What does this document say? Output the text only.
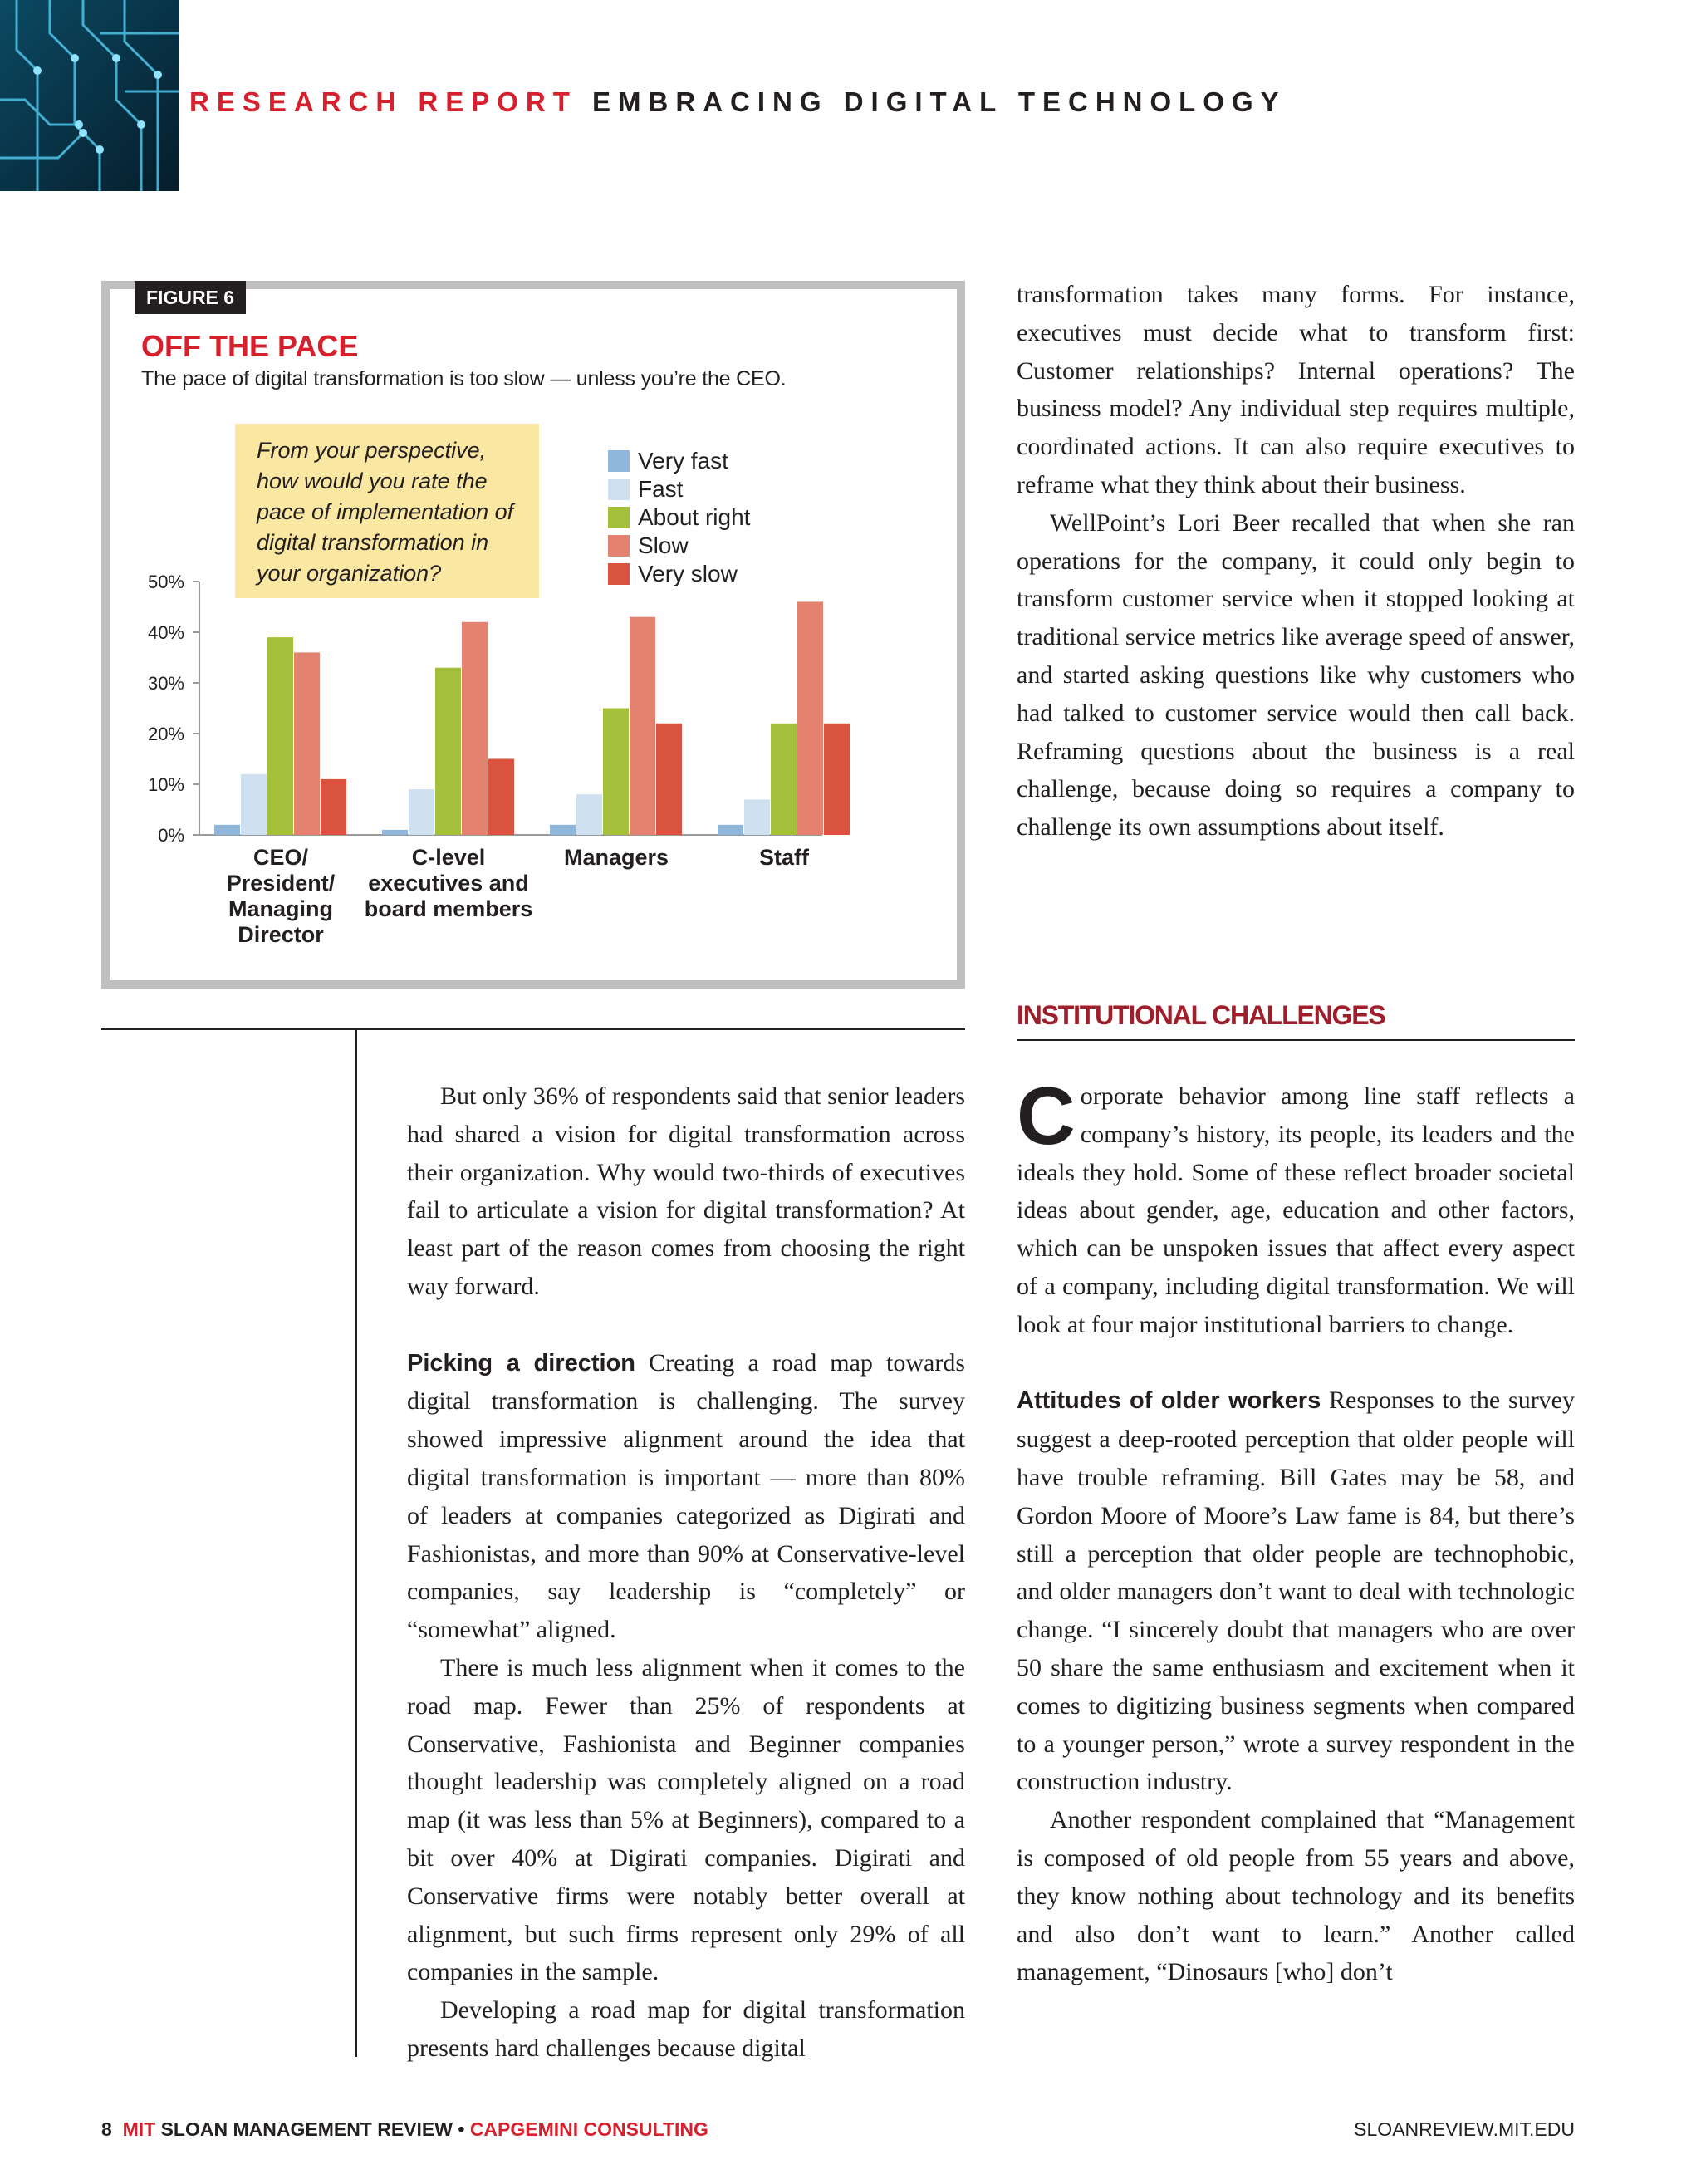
RESEARCH REPORT EMBRACING DIGITAL TECHNOLOGY
FIGURE 6
OFF THE PACE
The pace of digital transformation is too slow — unless you’re the CEO.
From your perspective,
how would you rate the
pace of implementation of
digital transformation in
your organization?
Very fast
Fast
About right
Slow
Very slow
0%
10%
20%
30%
40%
50%
CEO/
President/
Managing
Director
C-level
executives and
board members
Managers	Staff

transformation takes many forms. For instance, executives must decide what to transform first: Customer relationships? Internal operations? The business model? Any individual step requires multiple, coordinated actions. It can also require executives to reframe what they think about their business.

WellPoint’s Lori Beer recalled that when she ran operations for the company, it could only begin to transform customer service when it stopped looking at traditional service metrics like average speed of answer, and started asking questions like why customers who had talked to customer service would then call back. Reframing questions about the business is a real challenge, because doing so requires a company to challenge its own assumptions about itself.

INSTITUTIONAL CHALLENGES

But only 36% of respondents said that senior leaders had shared a vision for digital transformation across their organization. Why would two-thirds of executives fail to articulate a vision for digital transformation? At least part of the reason comes from choosing the right way forward.

Picking a direction Creating a road map towards digital transformation is challenging. The survey showed impressive alignment around the idea that digital transformation is important — more than 80% of leaders at companies categorized as Digirati and Fashionistas, and more than 90% at Conservative-level companies, say leadership is “completely” or “somewhat” aligned.

There is much less alignment when it comes to the road map. Fewer than 25% of respondents at Conservative, Fashionista and Beginner companies thought leadership was completely aligned on a road map (it was less than 5% at Beginners), compared to a bit over 40% at Digirati companies. Digirati and Conservative firms were notably better overall at alignment, but such firms represent only 29% of all companies in the sample.

Developing a road map for digital transformation presents hard challenges because digital

Corporate behavior among line staff reflects a company’s history, its people, its leaders and the ideals they hold. Some of these reflect broader societal ideas about gender, age, education and other factors, which can be unspoken issues that affect every aspect of a company, including digital transformation. We will look at four major institutional barriers to change.

Attitudes of older workers Responses to the survey suggest a deep-rooted perception that older people will have trouble reframing. Bill Gates may be 58, and Gordon Moore of Moore’s Law fame is 84, but there’s still a perception that older people are technophobic, and older managers don’t want to deal with technologic change. “I sincerely doubt that managers who are over 50 share the same enthusiasm and excitement when it comes to digitizing business segments when compared to a younger person,” wrote a survey respondent in the construction industry.

Another respondent complained that “Management is composed of old people from 55 years and above, they know nothing about technology and its benefits and also don’t want to learn.” Another called management, “Dinosaurs [who] don’t

8 MIT SLOAN MANAGEMENT REVIEW • CAPGEMINI CONSULTING	SLOANREVIEW.MIT.EDU
